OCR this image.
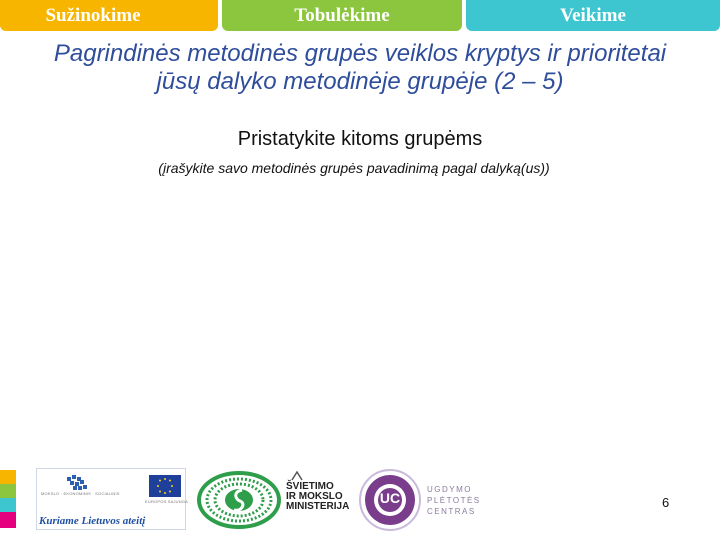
Sužinokime	Tobulėkime	Veikime
Pagrindinės metodinės grupės veiklos kryptys ir prioritetai jūsų dalyko metodinėje grupėje (2 – 5)
Pristatykite kitoms grupėms
(įrašykite savo metodinės grupės pavadinimą pagal dalyką(us))
MOKSLO · EKONOMINIS · SOCIALINIS
EUROPOS SAJUNGA
Kuriame Lietuvos ateitį
ŠVIETIMO
IR MOKSLO
MINISTERIJA
UC
UGDYMO
PLĖTOTĖS
CENTRAS
6
